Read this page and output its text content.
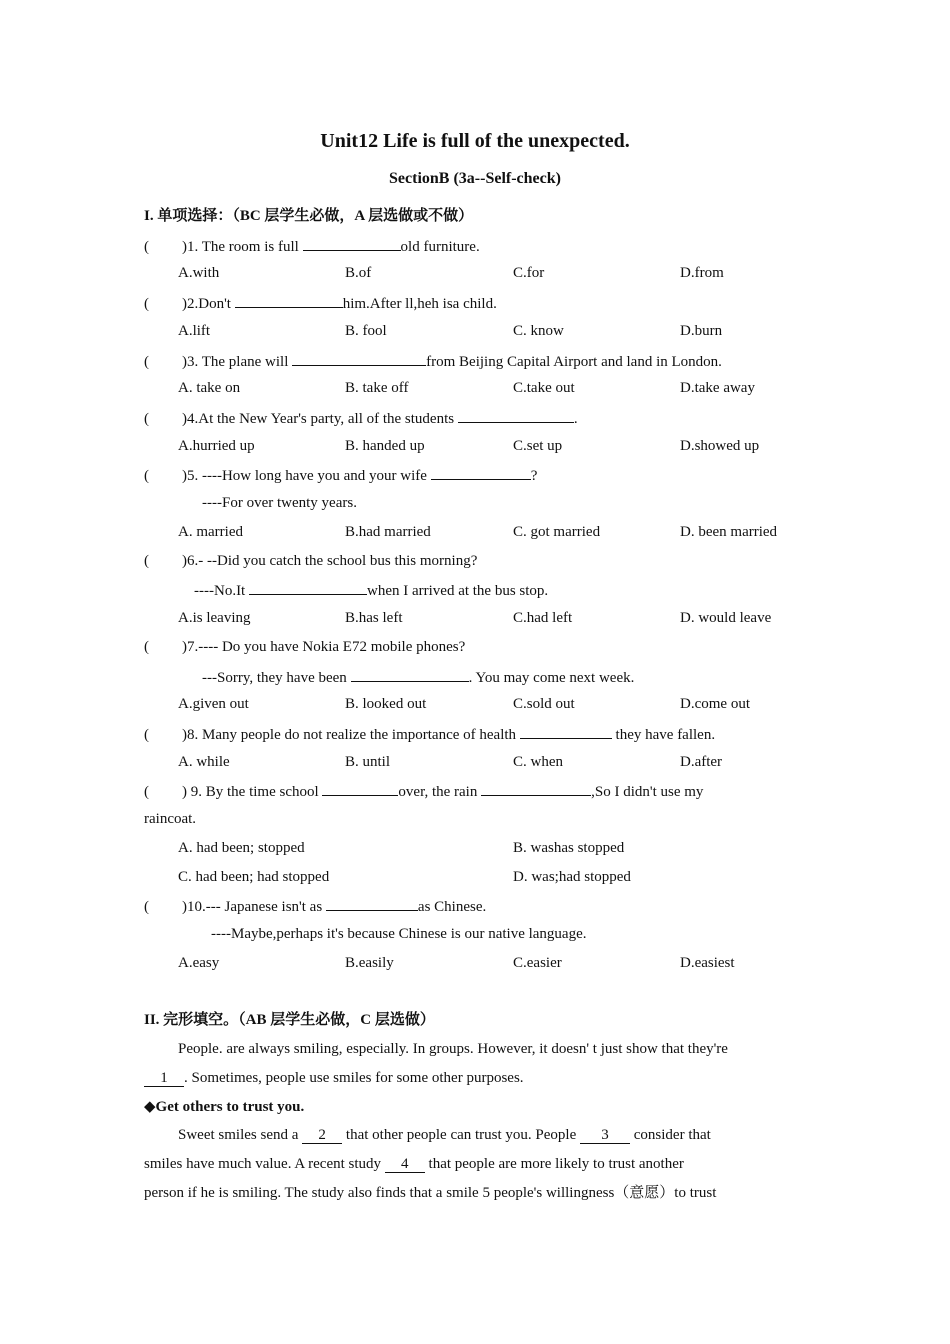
Unit12 Life is full of the unexpected.
SectionB (3a--Self-check)
I. 单项选择：（BC 层学生必做，A 层选做或不做）
( )1. The room is full	old furniture.
A.with	B.of	C.for	D.from
( )2.Don't	him.After ll,heh isa child.
A.lift	B. fool	C. know	D.burn
( )3. The plane will	from Beijing Capital Airport and land in London.
A. take on	B. take off	C.take out	D.take away
( )4.At the New Year's party, all of the students	.
A.hurried up	B. handed up	C.set up	D.showed up
( )5. ----How long have you and your wife	?
----For over twenty years.
A. married	B.had married	C. got married	D. been married
( )6.- --Did you catch the school bus this morning?
----No.It	when I arrived at the bus stop.
A.is leaving	B.has left	C.had left	D. would leave
( )7.---- Do you have Nokia E72 mobile phones?
---Sorry, they have been	. You may come next week.
A.given out	B. looked out	C.sold out	D.come out
( )8. Many people do not realize the importance of health	they have fallen.
A. while	B. until	C. when	D.after
( ) 9. By the time school	over, the rain	,So I didn't use my
raincoat.
A. had been; stopped	B. washas stopped
C. had been; had stopped	D. was;had stopped
( )10.--- Japanese isn't as	as Chinese.
----Maybe,perhaps it's because Chinese is our native language.
A.easy	B.easily	C.easier	D.easiest
II. 完形填空。（AB 层学生必做，C 层选做）
People. are always smiling, especially. In groups. However, it doesn' t just show that they're
1 . Sometimes, people use smiles for some other purposes.
◆Get others to trust you.
Sweet smiles send a 2 that other people can trust you. People 3 consider that
smiles have much value. A recent study 4 that people are more likely to trust another
person if he is smiling. The study also finds that a smile 5 people's willingness（意愿）to trust
